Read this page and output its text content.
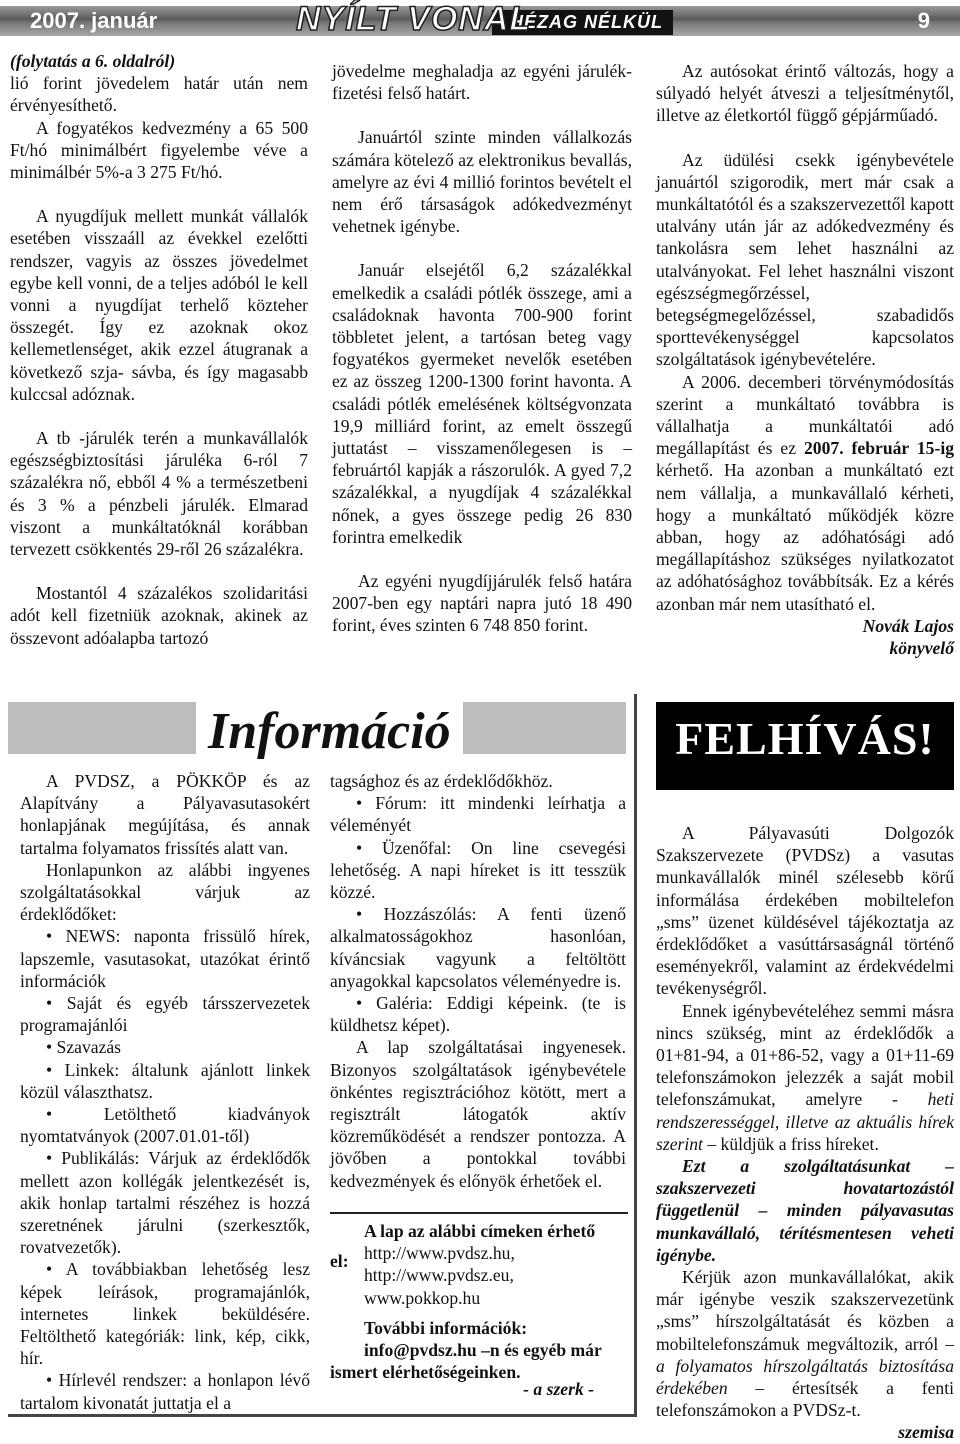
2007. január	HÉZAG NÉLKÜL
NYÍLT VONAL	9

(folytatás a 6. oldalról)

lió forint jövedelem határ után nem érvényesíthető.

A fogyatékos kedvezmény a 65 500 Ft/hó minimálbért figyelembe véve a minimálbér 5%-a 3 275 Ft/hó.

A nyugdíjuk mellett munkát vállalók esetében visszaáll az évekkel ezelőtti rendszer, vagyis az összes jövedelmet egybe kell vonni, de a teljes adóból le kell vonni a nyugdíjat terhelő közteher összegét. Így ez azoknak okoz kellemetlenséget, akik ezzel átugranak a következő szja- sávba, és így magasabb kulccsal adóznak.

A tb -járulék terén a munkavállalók egészségbiztosítási járuléka 6-ról 7 százalékra nő, ebből 4 % a természetbeni és 3 % a pénzbeli járulék. Elmarad viszont a munkáltatóknál korábban tervezett csökkentés 29-ről 26 százalékra.

Mostantól 4 százalékos szolidaritási adót kell fizetniük azoknak, akinek az összevont adóalapba tartozó

jövedelme meghaladja az egyéni járulék-fizetési felső határt.

Januártól szinte minden vállalkozás számára kötelező az elektronikus bevallás, amelyre az évi 4 millió forintos bevételt el nem érő társaságok adókedvezményt vehetnek igénybe.

Január elsejétől 6,2 százalékkal emelkedik a családi pótlék összege, ami a családoknak havonta 700-900 forint többletet jelent, a tartósan beteg vagy fogyatékos gyermeket nevelők esetében ez az összeg 1200-1300 forint havonta. A családi pótlék emelésének költségvonzata 19,9 milliárd forint, az emelt összegű juttatást – visszamenőlegesen is – februártól kapják a rászorulók. A gyed 7,2 százalékkal, a nyugdíjak 4 százalékkal nőnek, a gyes összege pedig 26 830 forintra emelkedik

Az egyéni nyugdíjjárulék felső határa 2007-ben egy naptári napra jutó 18 490 forint, éves szinten 6 748 850 forint.

Az autósokat érintő változás, hogy a súlyadó helyét átveszi a teljesítménytől, illetve az életkortól függő gépjárműadó.

Az üdülési csekk igénybevétele januártól szigorodik, mert már csak a munkáltatótól és a szakszervezettől kapott utalvány után jár az adókedvezmény és tankolásra sem lehet használni az utalványokat. Fel lehet használni viszont egészségmegőrzéssel, betegségmegelőzéssel, szabadidős sporttevékenységgel kapcsolatos szolgáltatások igénybevételére.

A 2006. decemberi törvénymódosítás szerint a munkáltató továbbra is vállalhatja a munkáltatói adó megállapítást és ez 2007. február 15-ig kérhető. Ha azonban a munkáltató ezt nem vállalja, a munkavállaló kérheti, hogy a munkáltató működjék közre abban, hogy az adóhatósági adó megállapításhoz szükséges nyilatkozatot az adóhatósághoz továbbítsák. Ez a kérés azonban már nem utasítható el.

Novák Lajos

könyvelő

Információ

A PVDSZ, a PÖKKÖP és az Alapítvány a Pályavasutasokért honlapjának megújítása, és annak tartalma folyamatos frissítés alatt van.

Honlapunkon az alábbi ingyenes szolgáltatásokkal várjuk az érdeklődőket:

• NEWS: naponta frissülő hírek, lapszemle, vasutasokat, utazókat érintő információk

• Saját és egyéb társszervezetek programajánlói

• Szavazás

• Linkek: általunk ajánlott linkek közül választhatsz.

• Letölthető kiadványok nyomtatványok (2007.01.01-től)

• Publikálás: Várjuk az érdeklődők mellett azon kollégák jelentkezését is, akik honlap tartalmi részéhez is hozzá szeretnének járulni (szerkesztők, rovatvezetők).

• A továbbiakban lehetőség lesz képek leírások, programajánlók, internetes linkek beküldésére. Feltölthető kategóriák: link, kép, cikk, hír.

• Hírlevél rendszer: a honlapon lévő tartalom kivonatát juttatja el a

tagsághoz és az érdeklődőkhöz.

• Fórum: itt mindenki leírhatja a véleményét

• Üzenőfal: On line csevegési lehetőség. A napi híreket is itt tesszük közzé.

• Hozzászólás: A fenti üzenő alkalmatosságokhoz hasonlóan, kíváncsiak vagyunk a feltöltött anyagokkal kapcsolatos véleményedre is.

• Galéria: Eddigi képeink. (te is küldhetsz képet).

A lap szolgáltatásai ingyenesek. Bizonyos szolgáltatások igénybevétele önkéntes regisztrációhoz kötött, mert a regisztrált látogatók aktív közreműködését a rendszer pontozza. A jövőben a pontokkal további kedvezmények és előnyök érhetőek el.

A lap az alábbi címeken érhető
el: http://www.pvdsz.hu,
http://www.pvdsz.eu,
www.pokkop.hu
További információk:
info@pvdsz.hu –n és egyéb már
ismert elérhetőségeinken.
- a szerk -
FELHÍVÁS!

A Pályavasúti Dolgozók Szakszervezete (PVDSz) a vasutas munkavállalók minél szélesebb körű informálása érdekében mobiltelefon „sms” üzenet küldésével tájékoztatja az érdeklődőket a vasúttársaságnál történő eseményekről, valamint az érdekvédelmi tevékenységről.

Ennek igénybevételéhez semmi másra nincs szükség, mint az érdeklődők a 01+81-94, a 01+86-52, vagy a 01+11-69 telefonszámokon jelezzék a saját mobil telefonszámukat, amelyre - heti rendszerességgel, illetve az aktuális hírek szerint – küldjük a friss híreket.

Ezt a szolgáltatásunkat – szakszervezeti hovatartozástól függetlenül – minden pályavasutas munkavállaló, térítésmentesen veheti igénybe.

Kérjük azon munkavállalókat, akik már igénybe veszik szakszervezetünk „sms” hírszolgáltatását és közben a mobiltelefonszámuk megváltozik, arról – a folyamatos hírszolgáltatás biztosítása érdekében – értesítsék a fenti telefonszámokon a PVDSz-t.

szemisa
